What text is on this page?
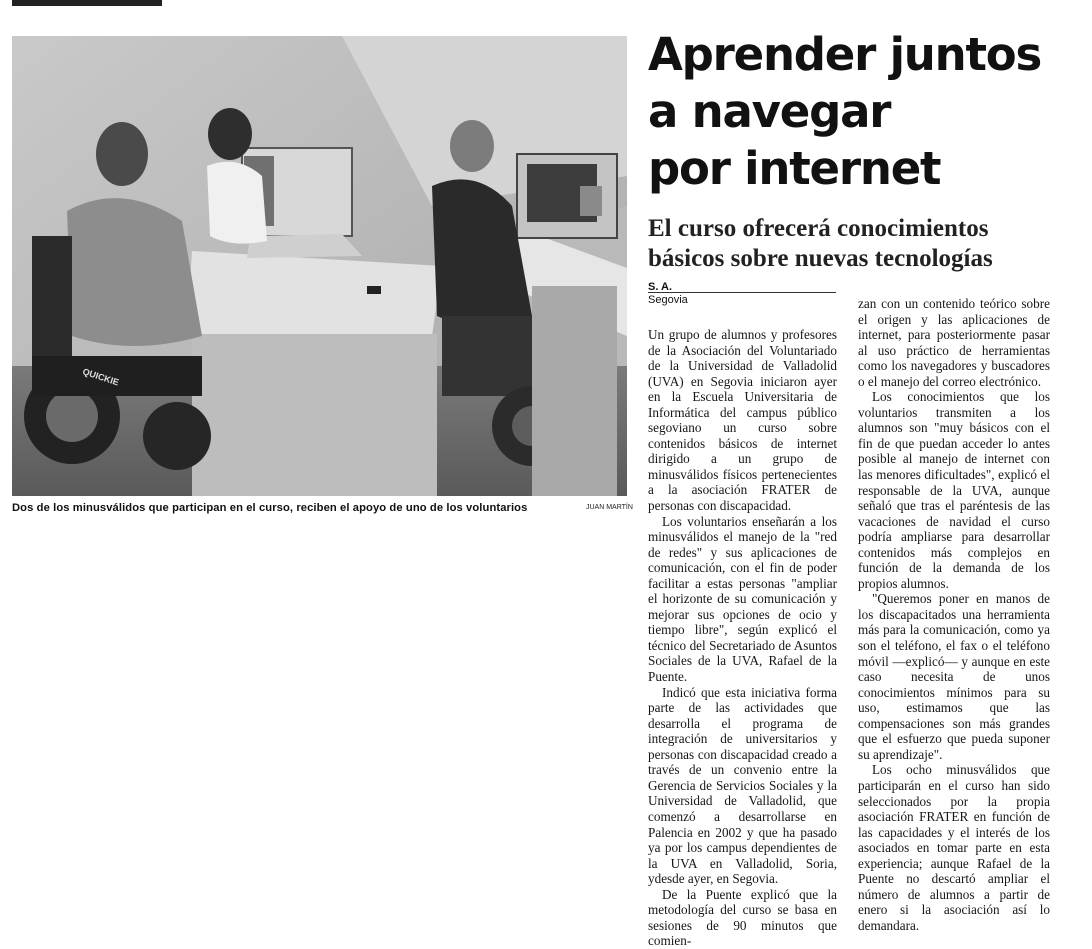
QUICKIE
Dos de los minusválidos que participan en el curso, reciben el apoyo de uno de los voluntarios	JUAN MARTÍN
Aprender juntos
a navegar
por internet
El curso ofrecerá conocimientos
básicos sobre nuevas tecnologías
S. A.
Segovia

Un grupo de alumnos y profesores de la Asociación del Voluntariado de la Universidad de Valladolid (UVA) en Segovia iniciaron ayer en la Escuela Universitaria de Informática del campus público segoviano un curso sobre contenidos básicos de internet dirigido a un grupo de minusválidos físicos pertenecientes a la asociación FRATER de personas con discapacidad.

Los voluntarios enseñarán a los minusválidos el manejo de la "red de redes" y sus aplicaciones de comunicación, con el fin de poder facilitar a estas personas "ampliar el horizonte de su comunicación y mejorar sus opciones de ocio y tiempo libre", según explicó el técnico del Secretariado de Asuntos Sociales de la UVA, Rafael de la Puente.

Indicó que esta iniciativa forma parte de las actividades que desarrolla el programa de integración de universitarios y personas con discapacidad creado a través de un convenio entre la Gerencia de Servicios Sociales y la Universidad de Valladolid, que comenzó a desarrollarse en Palencia en 2002 y que ha pasado ya por los campus dependientes de la UVA en Valladolid, Soria, ydesde ayer, en Segovia.

De la Puente explicó que la metodología del curso se basa en sesiones de 90 minutos que comien-

zan con un contenido teórico sobre el origen y las aplicaciones de internet, para posteriormente pasar al uso práctico de herramientas como los navegadores y buscadores o el manejo del correo electrónico.

Los conocimientos que los voluntarios transmiten a los alumnos son "muy básicos con el fin de que puedan acceder lo antes posible al manejo de internet con las menores dificultades", explicó el responsable de la UVA, aunque señaló que tras el paréntesis de las vacaciones de navidad el curso podría ampliarse para desarrollar contenidos más complejos en función de la demanda de los propios alumnos.

"Queremos poner en manos de los discapacitados una herramienta más para la comunicación, como ya son el teléfono, el fax o el teléfono móvil —explicó— y aunque en este caso necesita de unos conocimientos mínimos para su uso, estimamos que las compensaciones son más grandes que el esfuerzo que pueda suponer su aprendizaje".

Los ocho minusválidos que participarán en el curso han sido seleccionados por la propia asociación FRATER en función de las capacidades y el interés de los asociados en tomar parte en esta experiencia; aunque Rafael de la Puente no descartó ampliar el número de alumnos a partir de enero si la asociación así lo demandara.
